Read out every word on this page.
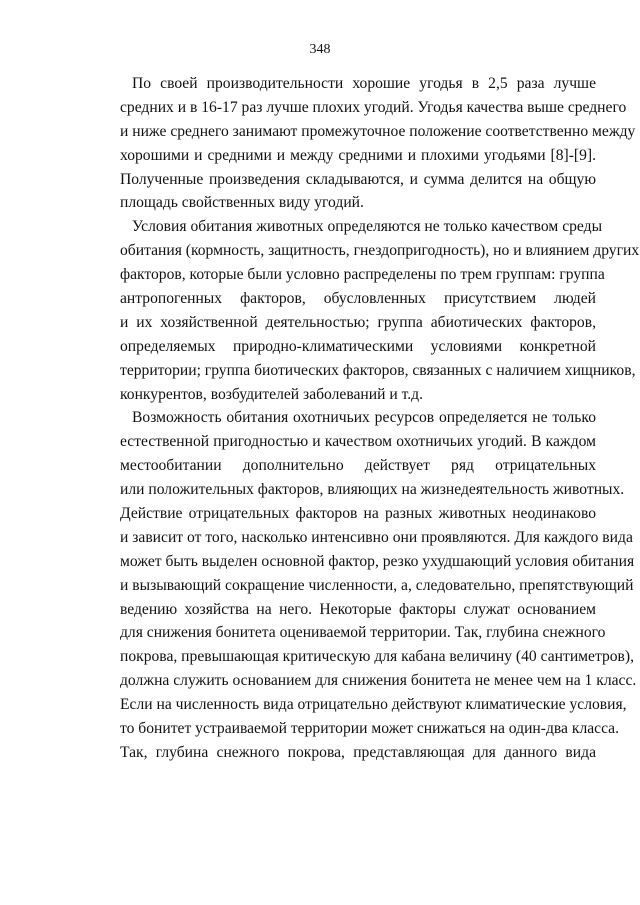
348
По своей производительности хорошие угодья в 2,5 раза лучше
средних и в 16-17 раз лучше плохих угодий. Угодья качества выше среднего
и ниже среднего занимают промежуточное положение соответственно между
хорошими и средними и между средними и плохими угодьями [8]-[9].
Полученные произведения складываются, и сумма делится на общую
площадь свойственных виду угодий.
Условия обитания животных определяются не только качеством среды
обитания (кормность, защитность, гнездопригодность), но и влиянием других
факторов, которые были условно распределены по трем группам: группа
антропогенных факторов, обусловленных присутствием людей
и их хозяйственной деятельностью; группа абиотических факторов,
определяемых природно-климатическими условиями конкретной
территории; группа биотических факторов, связанных с наличием хищников,
конкурентов, возбудителей заболеваний и т.д.
Возможность обитания охотничьих ресурсов определяется не только
естественной пригодностью и качеством охотничьих угодий. В каждом
местообитании дополнительно действует ряд отрицательных
или положительных факторов, влияющих на жизнедеятельность животных.
Действие отрицательных факторов на разных животных неодинаково
и зависит от того, насколько интенсивно они проявляются. Для каждого вида
может быть выделен основной фактор, резко ухудшающий условия обитания
и вызывающий сокращение численности, а, следовательно, препятствующий
ведению хозяйства на него. Некоторые факторы служат основанием
для снижения бонитета оцениваемой территории. Так, глубина снежного
покрова, превышающая критическую для кабана величину (40 сантиметров),
должна служить основанием для снижения бонитета не менее чем на 1 класс.
Если на численность вида отрицательно действуют климатические условия,
то бонитет устраиваемой территории может снижаться на один-два класса.
Так, глубина снежного покрова, представляющая для данного вида
